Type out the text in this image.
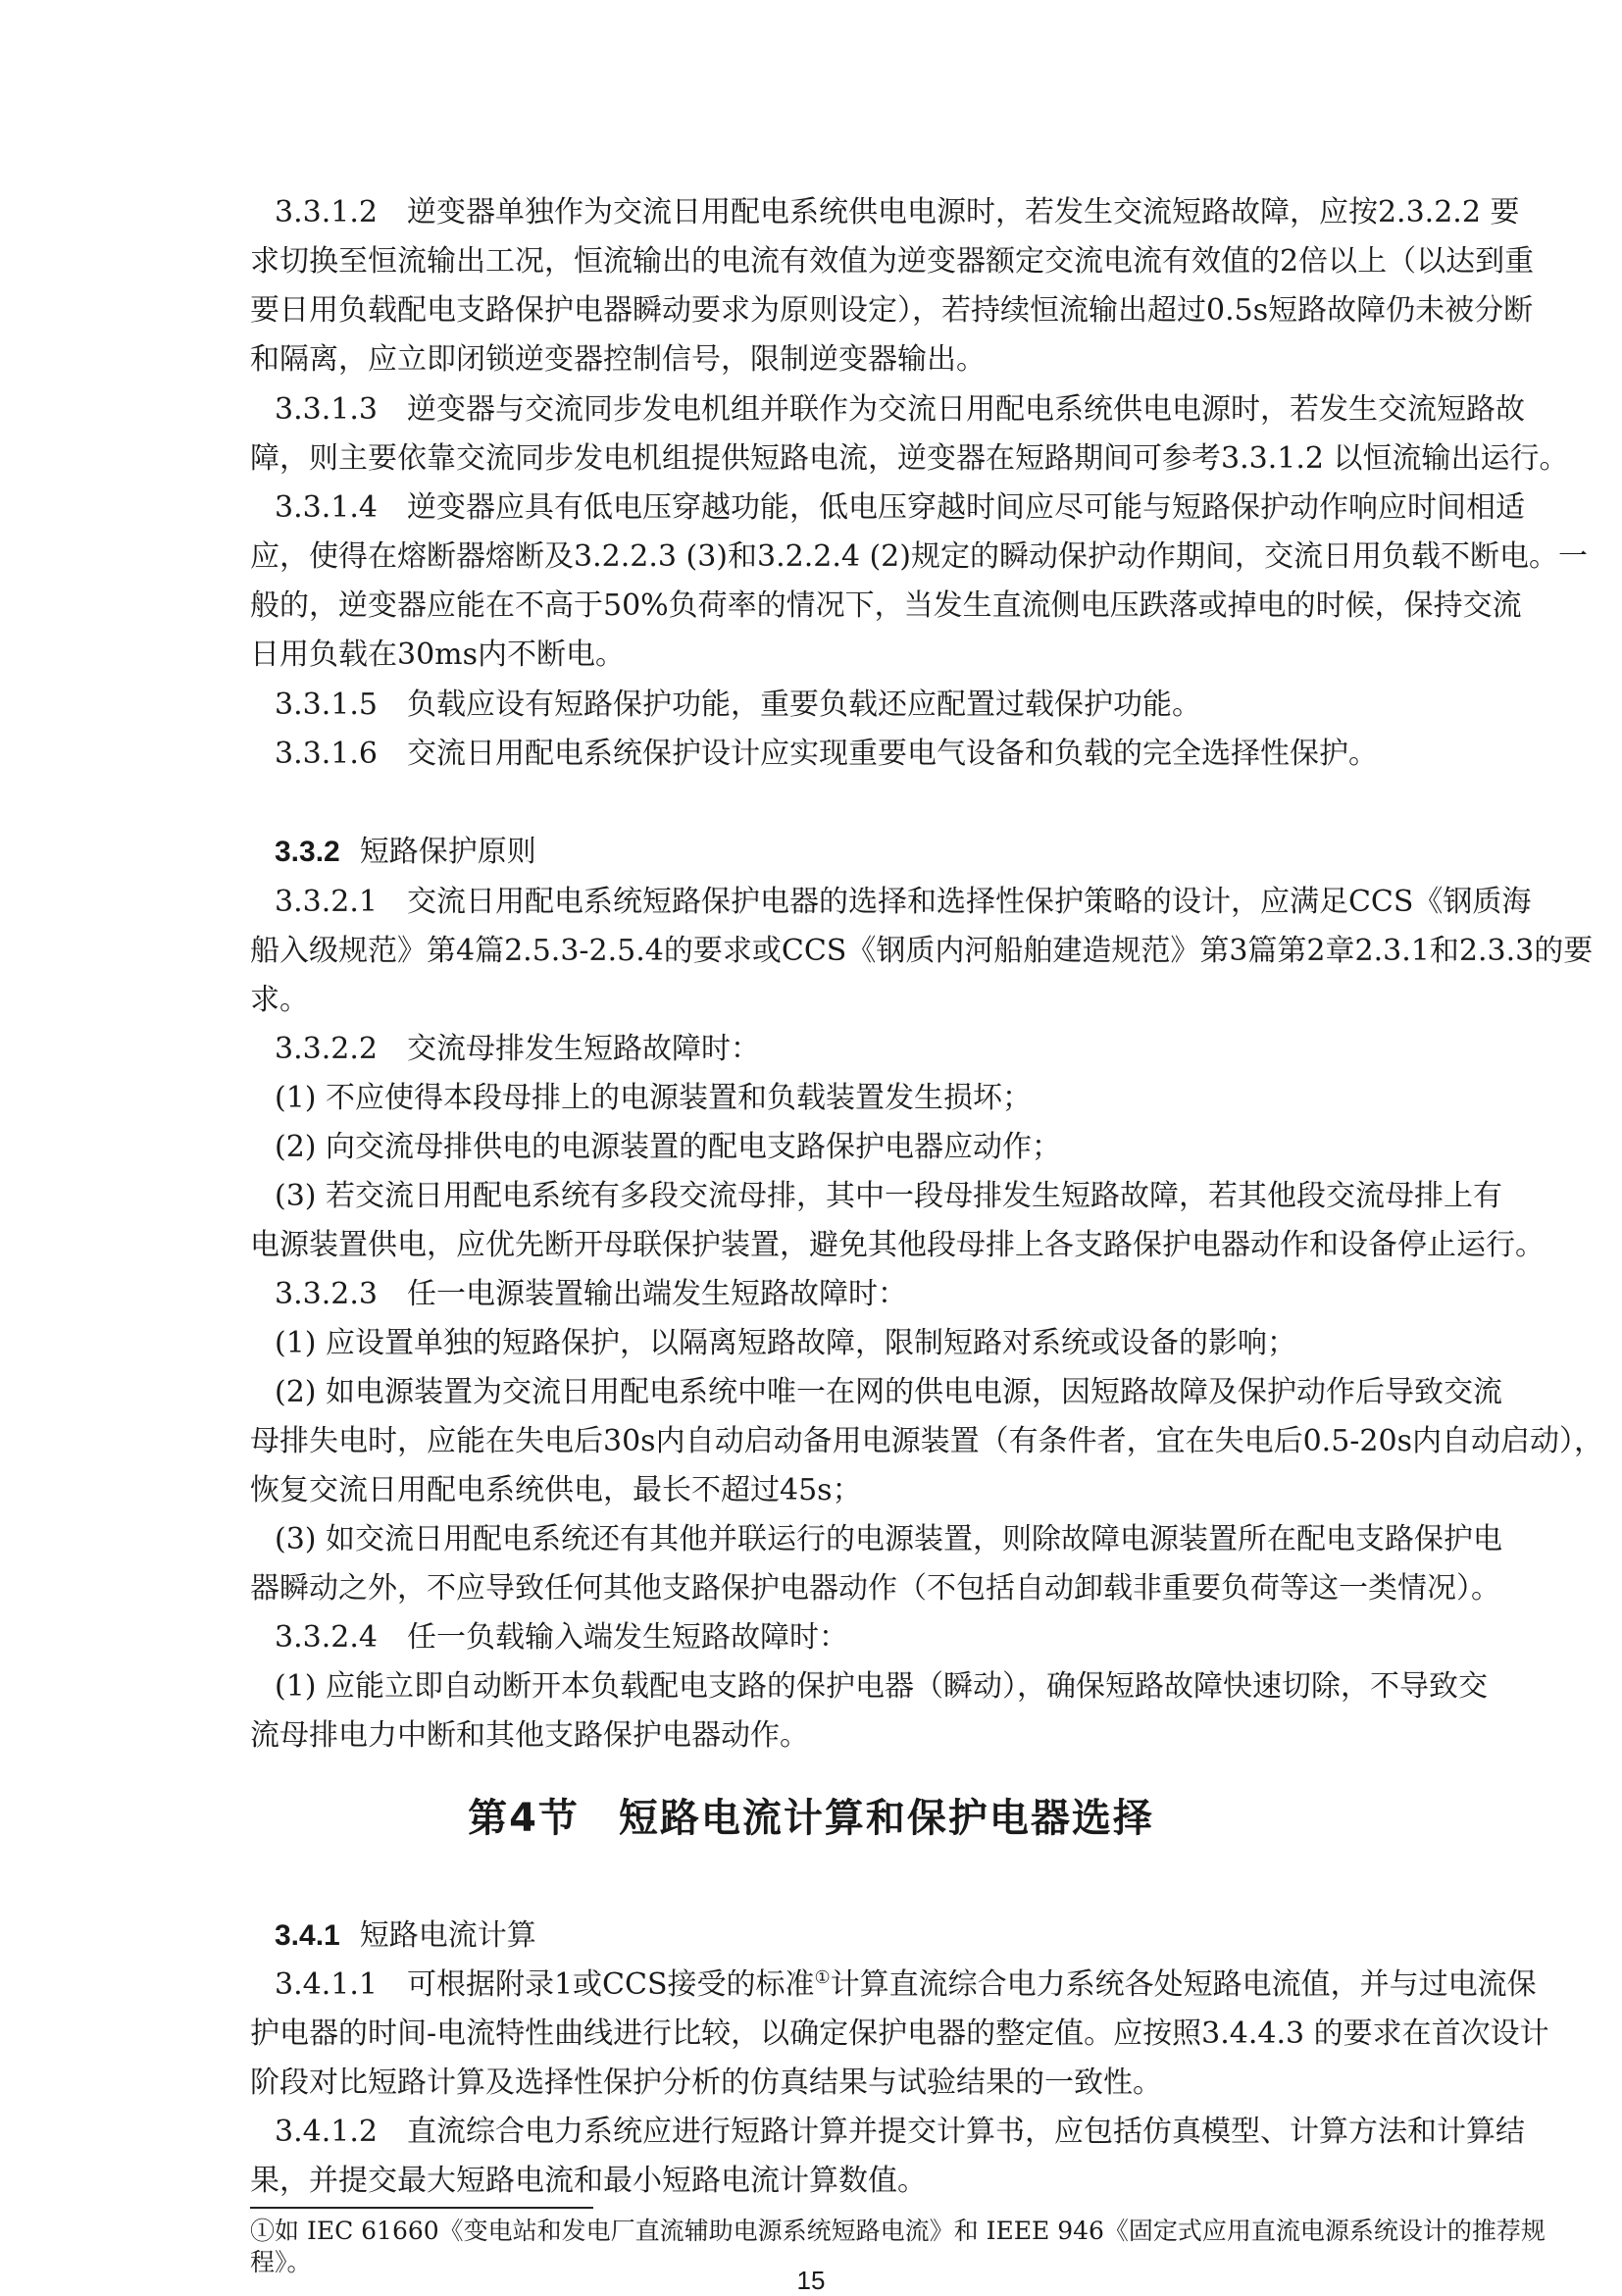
3.3.1.2　逆变器单独作为交流日用配电系统供电电源时，若发生交流短路故障，应按2.3.2.2 要
求切换至恒流输出工况，恒流输出的电流有效值为逆变器额定交流电流有效值的2倍以上（以达到重
要日用负载配电支路保护电器瞬动要求为原则设定），若持续恒流输出超过0.5s短路故障仍未被分断
和隔离，应立即闭锁逆变器控制信号，限制逆变器输出。
3.3.1.3　逆变器与交流同步发电机组并联作为交流日用配电系统供电电源时，若发生交流短路故
障，则主要依靠交流同步发电机组提供短路电流，逆变器在短路期间可参考3.3.1.2 以恒流输出运行。
3.3.1.4　逆变器应具有低电压穿越功能，低电压穿越时间应尽可能与短路保护动作响应时间相适
应，使得在熔断器熔断及3.2.2.3 (3)和3.2.2.4 (2)规定的瞬动保护动作期间，交流日用负载不断电。一
般的，逆变器应能在不高于50%负荷率的情况下，当发生直流侧电压跌落或掉电的时候，保持交流
日用负载在30ms内不断电。
3.3.1.5　负载应设有短路保护功能，重要负载还应配置过载保护功能。
3.3.1.6　交流日用配电系统保护设计应实现重要电气设备和负载的完全选择性保护。
3.3.2 短路保护原则
3.3.2.1　交流日用配电系统短路保护电器的选择和选择性保护策略的设计，应满足CCS《钢质海
船入级规范》第4篇2.5.3-2.5.4的要求或CCS《钢质内河船舶建造规范》第3篇第2章2.3.1和2.3.3的要
求。
3.3.2.2　交流母排发生短路故障时：
(1) 不应使得本段母排上的电源装置和负载装置发生损坏；
(2) 向交流母排供电的电源装置的配电支路保护电器应动作；
(3) 若交流日用配电系统有多段交流母排，其中一段母排发生短路故障，若其他段交流母排上有
电源装置供电，应优先断开母联保护装置，避免其他段母排上各支路保护电器动作和设备停止运行。
3.3.2.3　任一电源装置输出端发生短路故障时：
(1) 应设置单独的短路保护，以隔离短路故障，限制短路对系统或设备的影响；
(2) 如电源装置为交流日用配电系统中唯一在网的供电电源，因短路故障及保护动作后导致交流
母排失电时，应能在失电后30s内自动启动备用电源装置（有条件者，宜在失电后0.5-20s内自动启动），
恢复交流日用配电系统供电，最长不超过45s；
(3) 如交流日用配电系统还有其他并联运行的电源装置，则除故障电源装置所在配电支路保护电
器瞬动之外，不应导致任何其他支路保护电器动作（不包括自动卸载非重要负荷等这一类情况）。
3.3.2.4　任一负载输入端发生短路故障时：
(1) 应能立即自动断开本负载配电支路的保护电器（瞬动），确保短路故障快速切除，不导致交
流母排电力中断和其他支路保护电器动作。
第4节 短路电流计算和保护电器选择
3.4.1 短路电流计算
3.4.1.1　可根据附录1或CCS接受的标准①计算直流综合电力系统各处短路电流值，并与过电流保
护电器的时间-电流特性曲线进行比较，以确定保护电器的整定值。应按照3.4.4.3 的要求在首次设计
阶段对比短路计算及选择性保护分析的仿真结果与试验结果的一致性。
3.4.1.2　直流综合电力系统应进行短路计算并提交计算书，应包括仿真模型、计算方法和计算结
果，并提交最大短路电流和最小短路电流计算数值。
①如 IEC 61660《变电站和发电厂直流辅助电源系统短路电流》和 IEEE 946《固定式应用直流电源系统设计的推荐规
程》。
15
